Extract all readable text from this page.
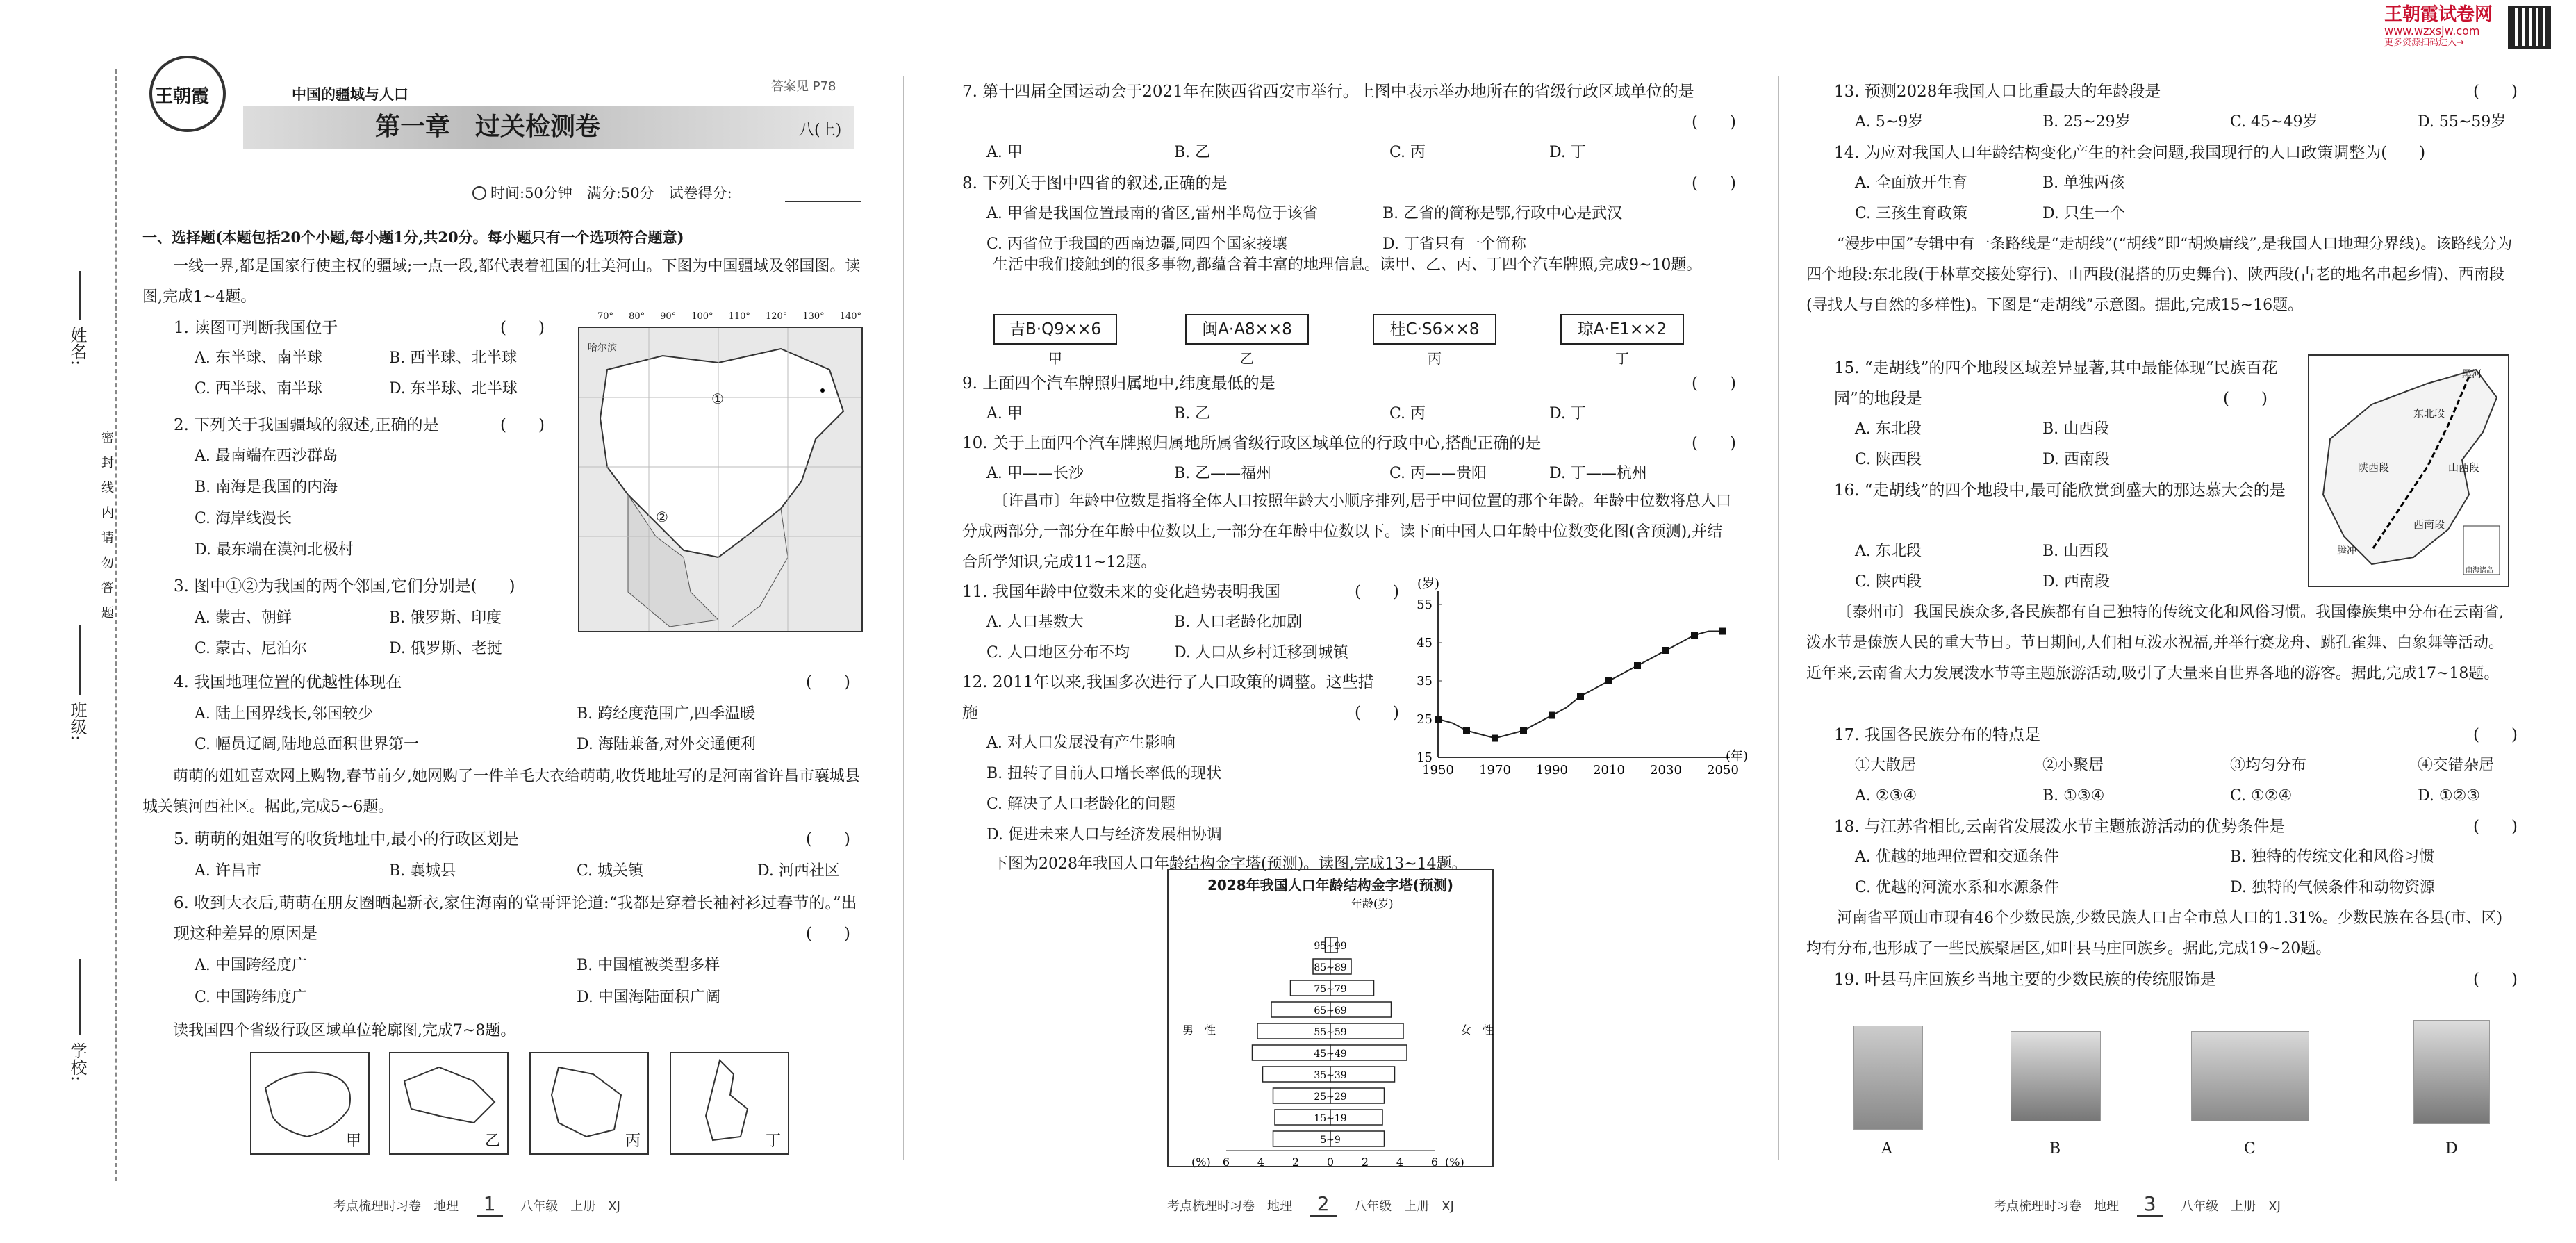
王朝霞试卷网
www.wzxsjw.com
更多资源扫码进入→
姓名:
班级:
学校:
密　封　线　内　请　勿　答　题
王朝霞	中国的疆域与人口	答案见 P78
第一章　过关检测卷	八(上)
时间:50分钟　满分:50分　试卷得分:
一、选择题(本题包括20个小题,每小题1分,共20分。每小题只有一个选项符合题意)
一线一界,都是国家行使主权的疆域;一点一段,都代表着祖国的壮美河山。下图为中国疆域及邻国图。读图,完成1~4题。
1. 读图可判断我国位于	(　　)
A. 东半球、南半球	B. 西半球、北半球
C. 西半球、南半球	D. 东半球、北半球
2. 下列关于我国疆域的叙述,正确的是	(　　)
A. 最南端在西沙群岛
B. 南海是我国的内海
C. 海岸线漫长
D. 最东端在漠河北极村
3. 图中①②为我国的两个邻国,它们分别是(　　)
A. 蒙古、朝鲜	B. 俄罗斯、印度
C. 蒙古、尼泊尔	D. 俄罗斯、老挝
哈尔滨
①
②
70° 80° 90° 100° 110° 120° 130° 140°
4. 我国地理位置的优越性体现在	(　　)
A. 陆上国界线长,邻国较少	B. 跨经度范围广,四季温暖
C. 幅员辽阔,陆地总面积世界第一	D. 海陆兼备,对外交通便利
萌萌的姐姐喜欢网上购物,春节前夕,她网购了一件羊毛大衣给萌萌,收货地址写的是河南省许昌市襄城县城关镇河西社区。据此,完成5~6题。
5. 萌萌的姐姐写的收货地址中,最小的行政区划是	(　　)
A. 许昌市	B. 襄城县	C. 城关镇	D. 河西社区
6. 收到大衣后,萌萌在朋友圈晒起新衣,家住海南的堂哥评论道:“我都是穿着长袖衬衫过春节的。”出现这种差异的原因是	(　　)
A. 中国跨经度广	B. 中国植被类型多样
C. 中国跨纬度广	D. 中国海陆面积广阔
读我国四个省级行政区域单位轮廓图,完成7~8题。
甲	乙	丙	丁
7. 第十四届全国运动会于2021年在陕西省西安市举行。上图中表示举办地所在的省级行政区域单位的是
(　　)
A. 甲	B. 乙	C. 丙	D. 丁
8. 下列关于图中四省的叙述,正确的是	(　　)
A. 甲省是我国位置最南的省区,雷州半岛位于该省	B. 乙省的简称是鄂,行政中心是武汉
C. 丙省位于我国的西南边疆,同四个国家接壤	D. 丁省只有一个简称
生活中我们接触到的很多事物,都蕴含着丰富的地理信息。读甲、乙、丙、丁四个汽车牌照,完成9~10题。
吉B·Q9××6
甲
闽A·A8××8
乙
桂C·S6××8
丙
琼A·E1××2
丁
9. 上面四个汽车牌照归属地中,纬度最低的是	(　　)
A. 甲	B. 乙	C. 丙	D. 丁
10. 关于上面四个汽车牌照归属地所属省级行政区域单位的行政中心,搭配正确的是	(　　)
A. 甲——长沙	B. 乙——福州	C. 丙——贵阳	D. 丁——杭州
〔许昌市〕年龄中位数是指将全体人口按照年龄大小顺序排列,居于中间位置的那个年龄。年龄中位数将总人口分成两部分,一部分在年龄中位数以上,一部分在年龄中位数以下。读下面中国人口年龄中位数变化图(含预测),并结合所学知识,完成11~12题。
11. 我国年龄中位数未来的变化趋势表明我国	(　　)
A. 人口基数大	B. 人口老龄化加剧
C. 人口地区分布不均	D. 人口从乡村迁移到城镇
12. 2011年以来,我国多次进行了人口政策的调整。这些措施	(　　)
A. 对人口发展没有产生影响
B. 扭转了目前人口增长率低的现状
C. 解决了人口老龄化的问题
D. 促进未来人口与经济发展相协调
(岁)
(年)
15
25
35
45
55
1950 1970 1990 2010 2030 2050
下图为2028年我国人口年龄结构金字塔(预测)。读图,完成13~14题。
2028年我国人口年龄结构金字塔(预测)
年龄(岁)
男　性	女　性
5~9
15~19
25~29
35~39
45~49
55~59
65~69
75~79
85~89
95~99
6 4 2 0 2 4 6
(%)	(%)
13. 预测2028年我国人口比重最大的年龄段是	(　　)
A. 5~9岁	B. 25~29岁	C. 45~49岁	D. 55~59岁
14. 为应对我国人口年龄结构变化产生的社会问题,我国现行的人口政策调整为(　　)
A. 全面放开生育	B. 单独两孩
C. 三孩生育政策	D. 只生一个
“漫步中国”专辑中有一条路线是“走胡线”(“胡线”即“胡焕庸线”,是我国人口地理分界线)。该路线分为四个地段:东北段(于林草交接处穿行)、山西段(混搭的历史舞台)、陕西段(古老的地名串起乡情)、西南段(寻找人与自然的多样性)。下图是“走胡线”示意图。据此,完成15~16题。
15. “走胡线”的四个地段区域差异显著,其中最能体现“民族百花园”的地段是	(　　)
A. 东北段	B. 山西段
C. 陕西段	D. 西南段
16. “走胡线”的四个地段中,最可能欣赏到盛大的那达慕大会的是
A. 东北段	B. 山西段
C. 陕西段	D. 西南段
黑河
东北段
山西段
陕西段
西南段
腾冲
南海诸岛
〔泰州市〕我国民族众多,各民族都有自己独特的传统文化和风俗习惯。我国傣族集中分布在云南省,泼水节是傣族人民的重大节日。节日期间,人们相互泼水祝福,并举行赛龙舟、跳孔雀舞、白象舞等活动。近年来,云南省大力发展泼水节等主题旅游活动,吸引了大量来自世界各地的游客。据此,完成17~18题。
17. 我国各民族分布的特点是	(　　)
①大散居	②小聚居	③均匀分布	④交错杂居
A. ②③④	B. ①③④	C. ①②④	D. ①②③
18. 与江苏省相比,云南省发展泼水节主题旅游活动的优势条件是	(　　)
A. 优越的地理位置和交通条件	B. 独特的传统文化和风俗习惯
C. 优越的河流水系和水源条件	D. 独特的气候条件和动物资源
河南省平顶山市现有46个少数民族,少数民族人口占全市总人口的1.31%。少数民族在各县(市、区)均有分布,也形成了一些民族聚居区,如叶县马庄回族乡。据此,完成19~20题。
19. 叶县马庄回族乡当地主要的少数民族的传统服饰是	(　　)
A	B	C	D
考点梳理时习卷　地理 1 八年级　上册　XJ	考点梳理时习卷　地理 2 八年级　上册　XJ	考点梳理时习卷　地理 3 八年级　上册　XJ
